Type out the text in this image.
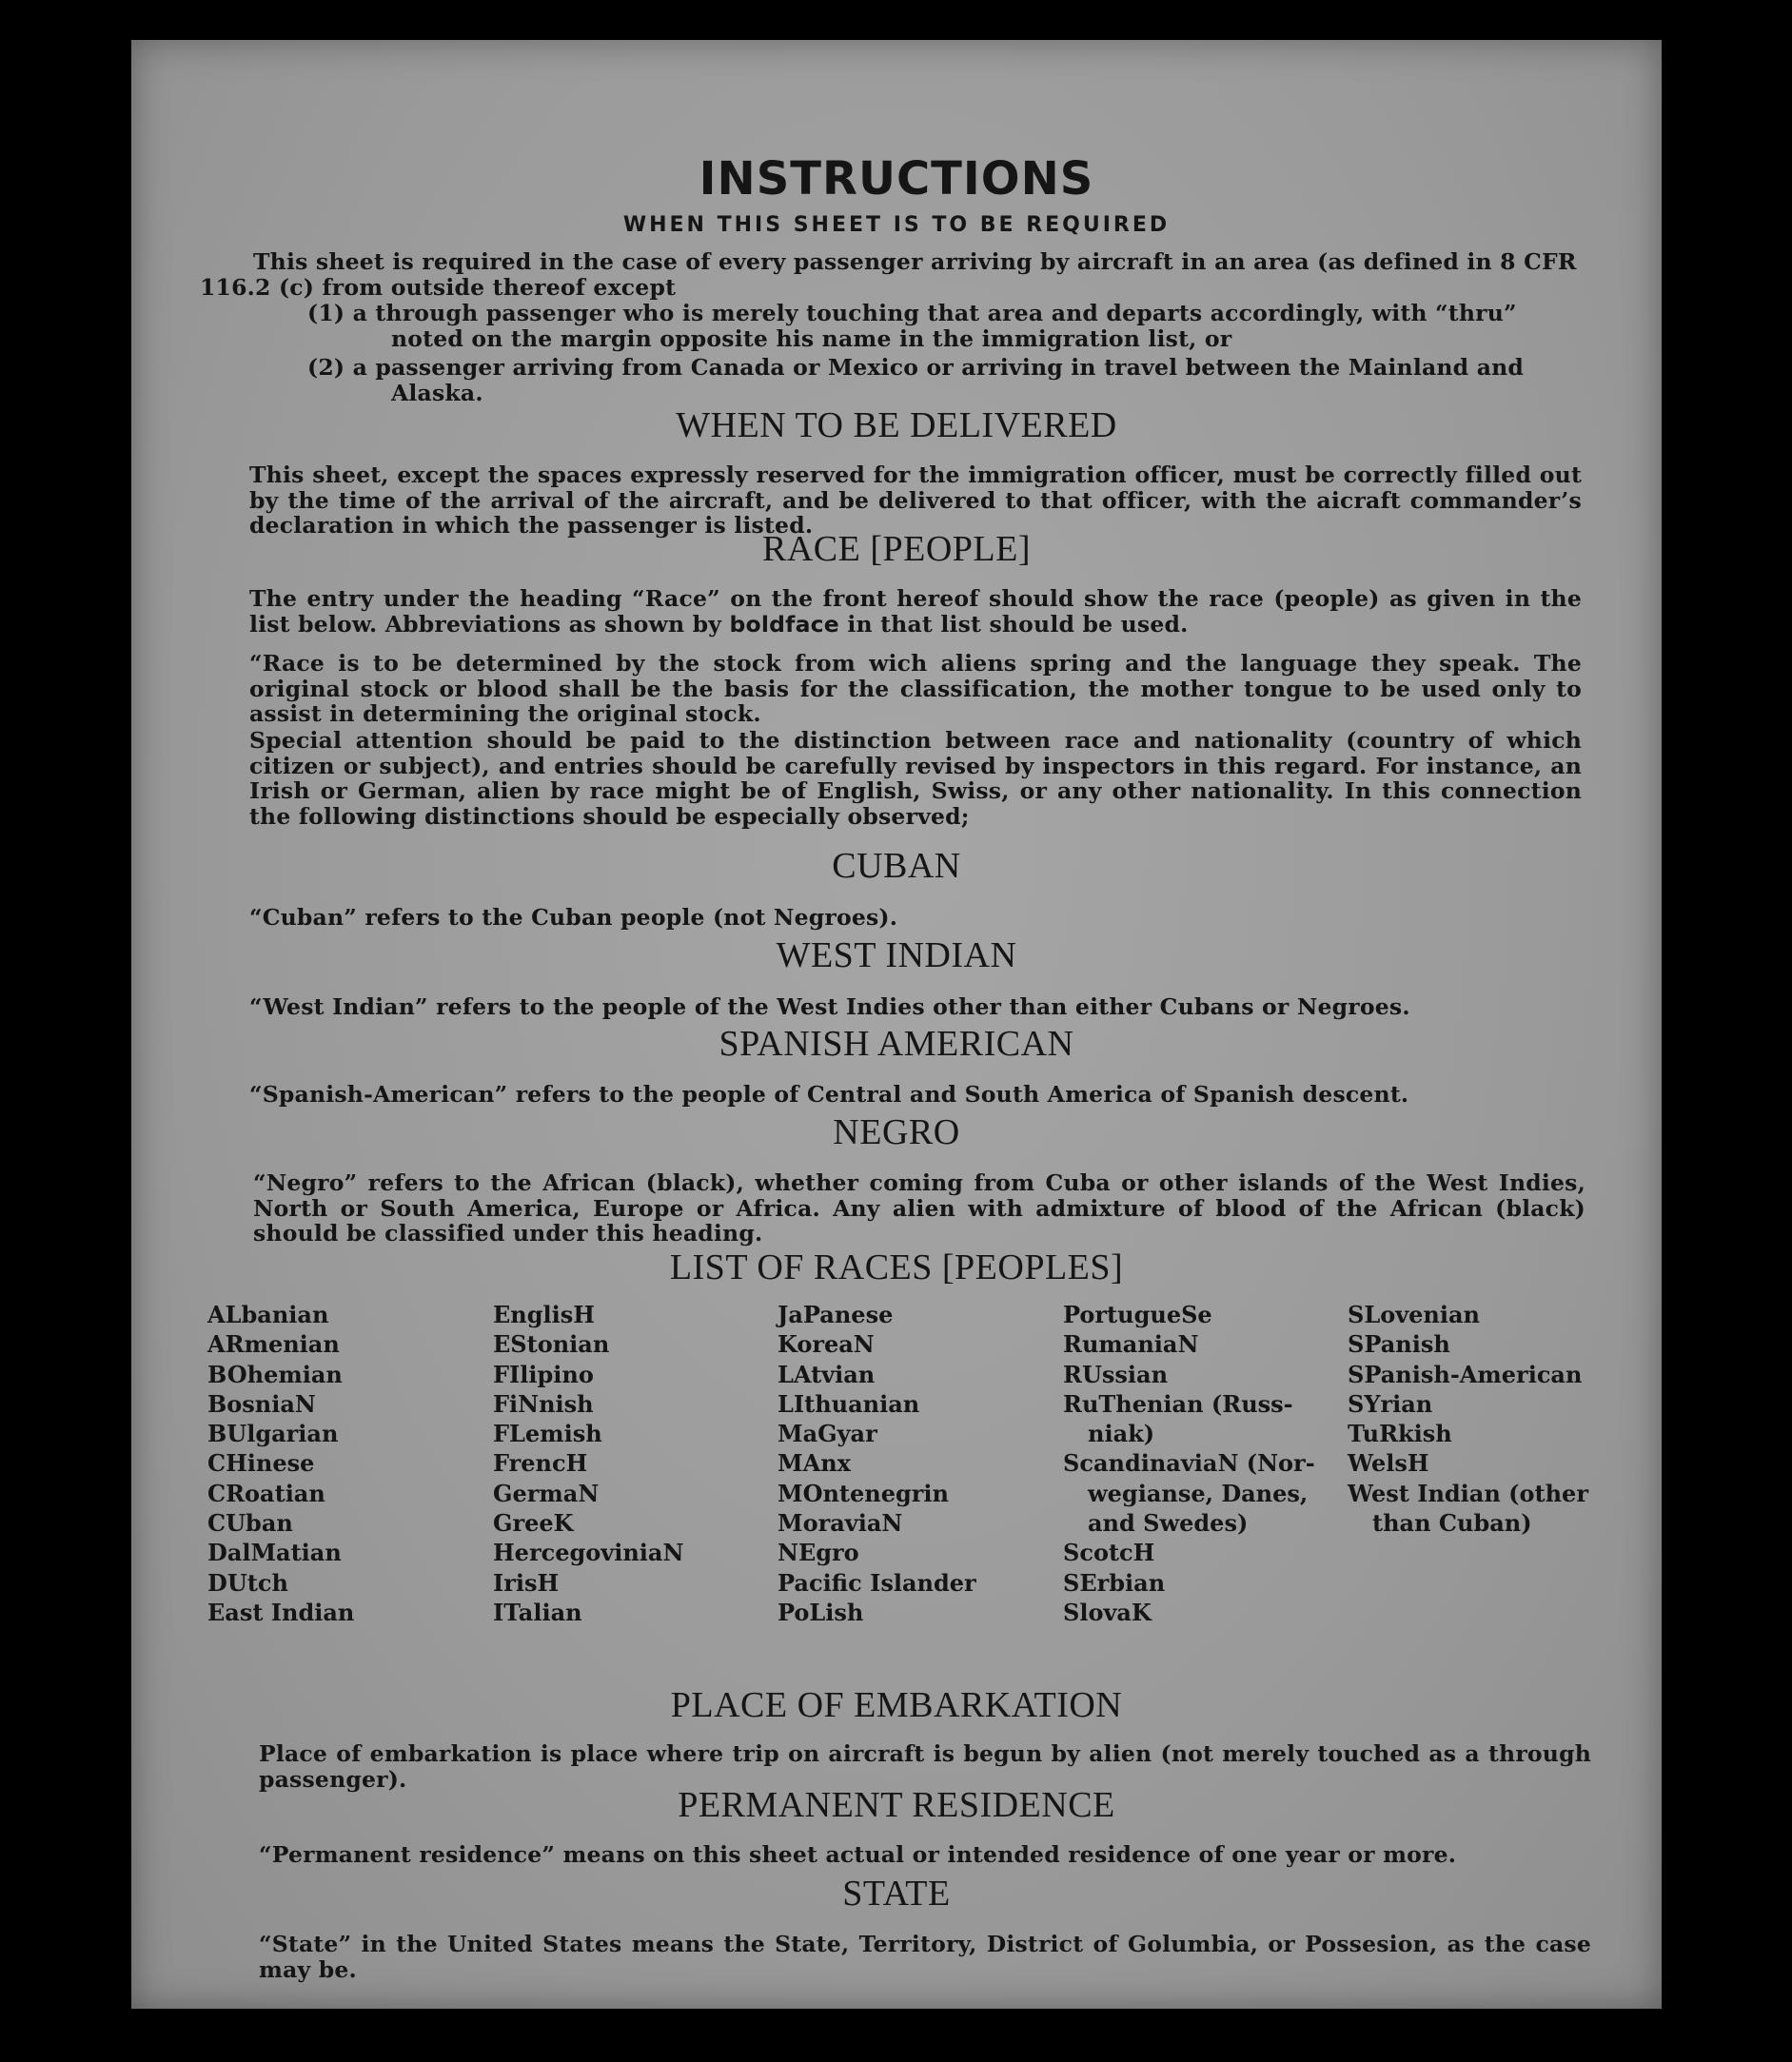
INSTRUCTIONS
WHEN THIS SHEET IS TO BE REQUIRED
This sheet is required in the case of every passenger arriving by aircraft in an area (as defined in 8 CFR
116.2 (c) from outside thereof except
(1) a through passenger who is merely touching that area and departs accordingly, with “thru”
noted on the margin opposite his name in the immigration list, or
(2) a passenger arriving from Canada or Mexico or arriving in travel between the Mainland and
Alaska.
WHEN TO BE DELIVERED

This sheet, except the spaces expressly reserved for the immigration officer, must be correctly filled out by the time of the arrival of the aircraft, and be delivered to that officer, with the aicraft commander’s declaration in which the passenger is listed.

RACE [PEOPLE]

The entry under the heading “Race” on the front hereof should show the race (people) as given in the list below. Abbreviations as shown by boldface in that list should be used.

“Race is to be determined by the stock from wich aliens spring and the language they speak. The original stock or blood shall be the basis for the classification, the mother tongue to be used only to assist in determining the original stock.

Special attention should be paid to the distinction between race and nationality (country of which citizen or subject), and entries should be carefully revised by inspectors in this regard. For instance, an Irish or German, alien by race might be of English, Swiss, or any other nationality. In this connection the following distinctions should be especially observed;

CUBAN

“Cuban” refers to the Cuban people (not Negroes).

WEST INDIAN

“West Indian” refers to the people of the West Indies other than either Cubans or Negroes.

SPANISH AMERICAN

“Spanish-American” refers to the people of Central and South America of Spanish descent.

NEGRO

“Negro” refers to the African (black), whether coming from Cuba or other islands of the West Indies, North or South America, Europe or Africa. Any alien with admixture of blood of the African (black) should be classified under this heading.

LIST OF RACES [PEOPLES]
ALbanian
ARmenian
BOhemian
BosniaN
BUlgarian
CHinese
CRoatian
CUban
DalMatian
DUtch
East Indian
EnglisH
EStonian
FIlipino
FiNnish
FLemish
FrencH
GermaN
GreeK
HercegoviniaN
IrisH
ITalian
JaPanese
KoreaN
LAtvian
LIthuanian
MaGyar
MAnx
MOntenegrin
MoraviaN
NEgro
Pacific Islander
PoLish
PortugueSe
RumaniaN
RUssian
RuThenian (Russ-
niak)
ScandinaviaN (Nor-
wegianse, Danes,
and Swedes)
ScotcH
SErbian
SlovaK
SLovenian
SPanish
SPanish-American
SYrian
TuRkish
WelsH
West Indian (other
than Cuban)
PLACE OF EMBARKATION

Place of embarkation is place where trip on aircraft is begun by alien (not merely touched as a through passenger).

PERMANENT RESIDENCE

“Permanent residence” means on this sheet actual or intended residence of one year or more.

STATE

“State” in the United States means the State, Territory, District of Golumbia, or Possesion, as the case may be.
